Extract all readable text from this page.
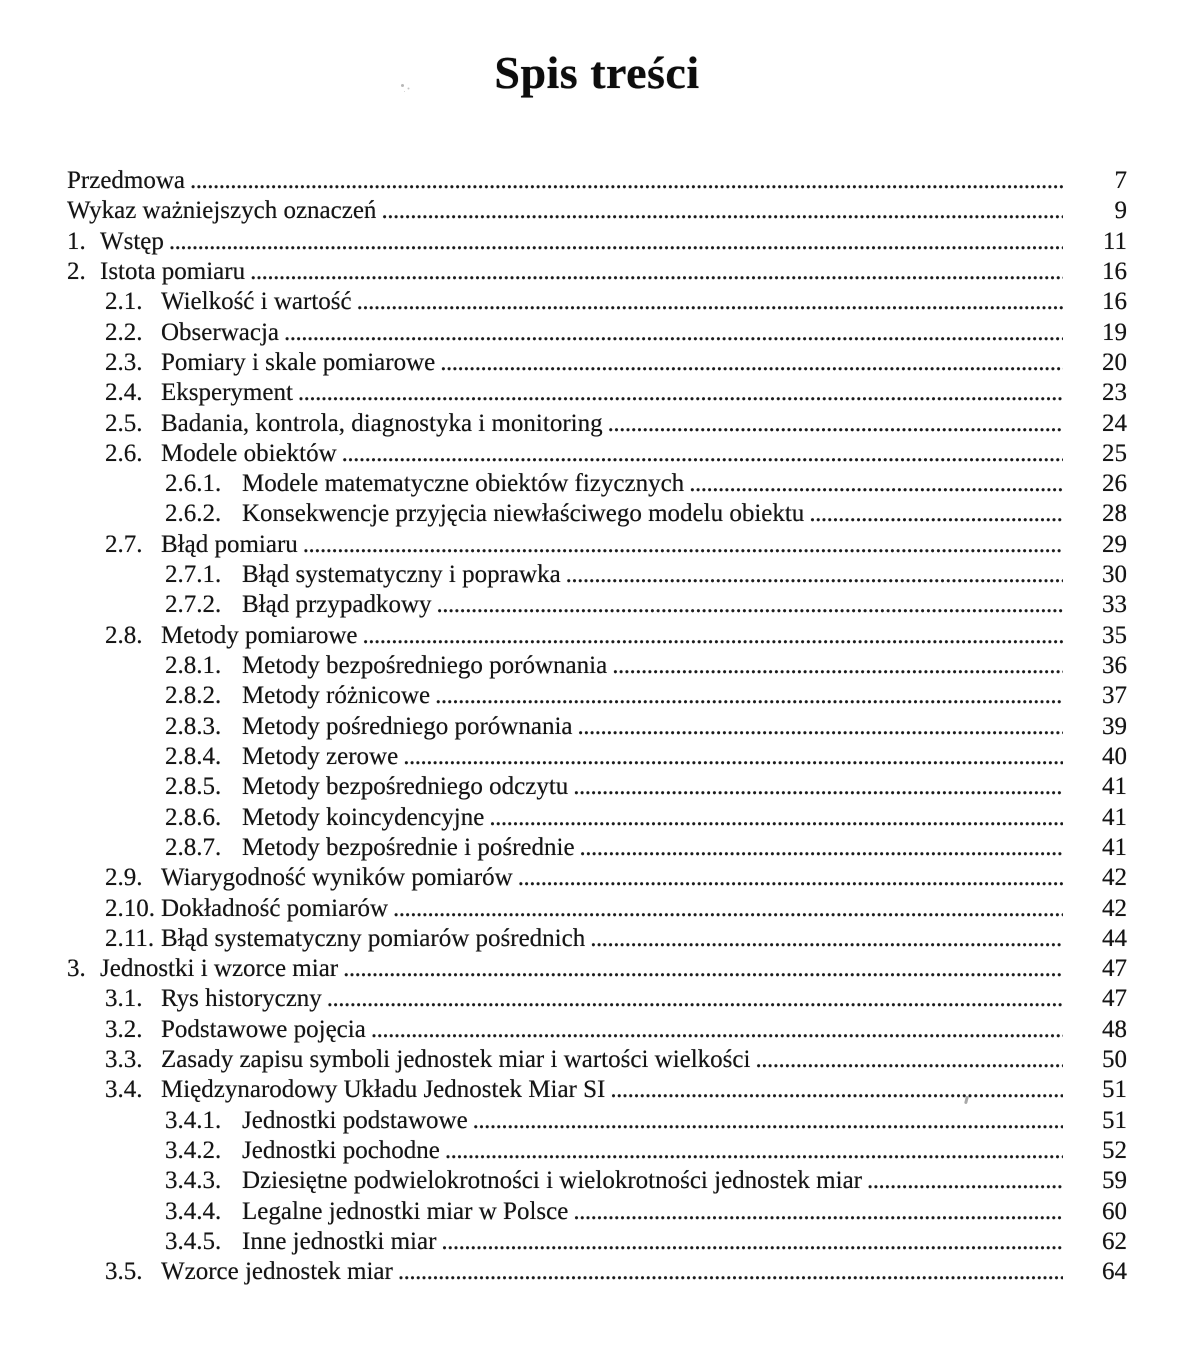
Spis treści
Przedmowa .....	7
Wykaz ważniejszych oznaczeń .....	9
1. Wstęp .....	11
2. Istota pomiaru .....	16
2.1. Wielkość i wartość .....	16
2.2. Obserwacja .....	19
2.3. Pomiary i skale pomiarowe .....	20
2.4. Eksperyment .....	23
2.5. Badania, kontrola, diagnostyka i monitoring .....	24
2.6. Modele obiektów .....	25
2.6.1. Modele matematyczne obiektów fizycznych .....	26
2.6.2. Konsekwencje przyjęcia niewłaściwego modelu obiektu .....	28
2.7. Błąd pomiaru .....	29
2.7.1. Błąd systematyczny i poprawka .....	30
2.7.2. Błąd przypadkowy .....	33
2.8. Metody pomiarowe .....	35
2.8.1. Metody bezpośredniego porównania .....	36
2.8.2. Metody różnicowe .....	37
2.8.3. Metody pośredniego porównania .....	39
2.8.4. Metody zerowe .....	40
2.8.5. Metody bezpośredniego odczytu .....	41
2.8.6. Metody koincydencyjne .....	41
2.8.7. Metody bezpośrednie i pośrednie .....	41
2.9. Wiarygodność wyników pomiarów .....	42
2.10. Dokładność pomiarów .....	42
2.11. Błąd systematyczny pomiarów pośrednich .....	44
3. Jednostki i wzorce miar .....	47
3.1. Rys historyczny .....	47
3.2. Podstawowe pojęcia .....	48
3.3. Zasady zapisu symboli jednostek miar i wartości wielkości .....	50
3.4. Międzynarodowy Układu Jednostek Miar SI .....	51
3.4.1. Jednostki podstawowe .....	51
3.4.2. Jednostki pochodne .....	52
3.4.3. Dziesiętne podwielokrotności i wielokrotności jednostek miar .....	59
3.4.4. Legalne jednostki miar w Polsce .....	60
3.4.5. Inne jednostki miar .....	62
3.5. Wzorce jednostek miar .....	64
